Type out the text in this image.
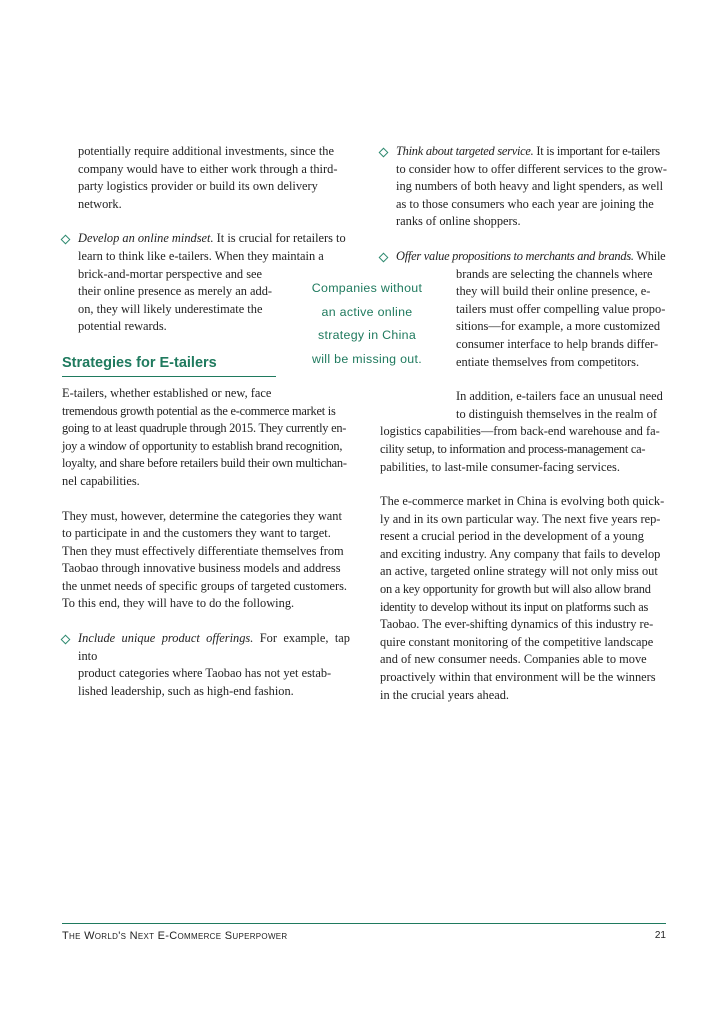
potentially require additional investments, since the

company would have to either work through a third-

party logistics provider or build its own delivery

network.

Develop an online mindset. It is crucial for retailers to

learn to think like e-tailers. When they maintain a

brick-and-mortar perspective and see

their online presence as merely an add-

on, they will likely underestimate the

potential rewards.

Strategies for E-tailers

E-tailers, whether established or new, face

tremendous growth potential as the e-commerce market is

going to at least quadruple through 2015. They currently en-

joy a window of opportunity to establish brand recognition,

loyalty, and share before retailers build their own multichan-

nel capabilities.

They must, however, determine the categories they want

to participate in and the customers they want to target.

Then they must effectively differentiate themselves from

Taobao through innovative business models and address

the unmet needs of specific groups of targeted customers.

To this end, they will have to do the following.

Include unique product offerings. For example, tap into

product categories where Taobao has not yet estab-

lished leadership, such as high-end fashion.

Companies without
an active online
strategy in China
will be missing out.

Think about targeted service. It is important for e-tailers

to consider how to offer different services to the grow-

ing numbers of both heavy and light spenders, as well

as to those consumers who each year are joining the

ranks of online shoppers.

Offer value propositions to merchants and brands. While

brands are selecting the channels where

they will build their online presence, e-

tailers must offer compelling value propo-

sitions—for example, a more customized

consumer interface to help brands differ-

entiate themselves from competitors.

In addition, e-tailers face an unusual need

to distinguish themselves in the realm of

logistics capabilities—from back-end warehouse and fa-

cility setup, to information and process-management ca-

pabilities, to last-mile consumer-facing services.

The e-commerce market in China is evolving both quick-

ly and in its own particular way. The next five years rep-

resent a crucial period in the development of a young

and exciting industry. Any company that fails to develop

an active, targeted online strategy will not only miss out

on a key opportunity for growth but will also allow brand

identity to develop without its input on platforms such as

Taobao. The ever-shifting dynamics of this industry re-

quire constant monitoring of the competitive landscape

and of new consumer needs. Companies able to move

proactively within that environment will be the winners

in the crucial years ahead.

The World's Next E-Commerce Superpower	21
